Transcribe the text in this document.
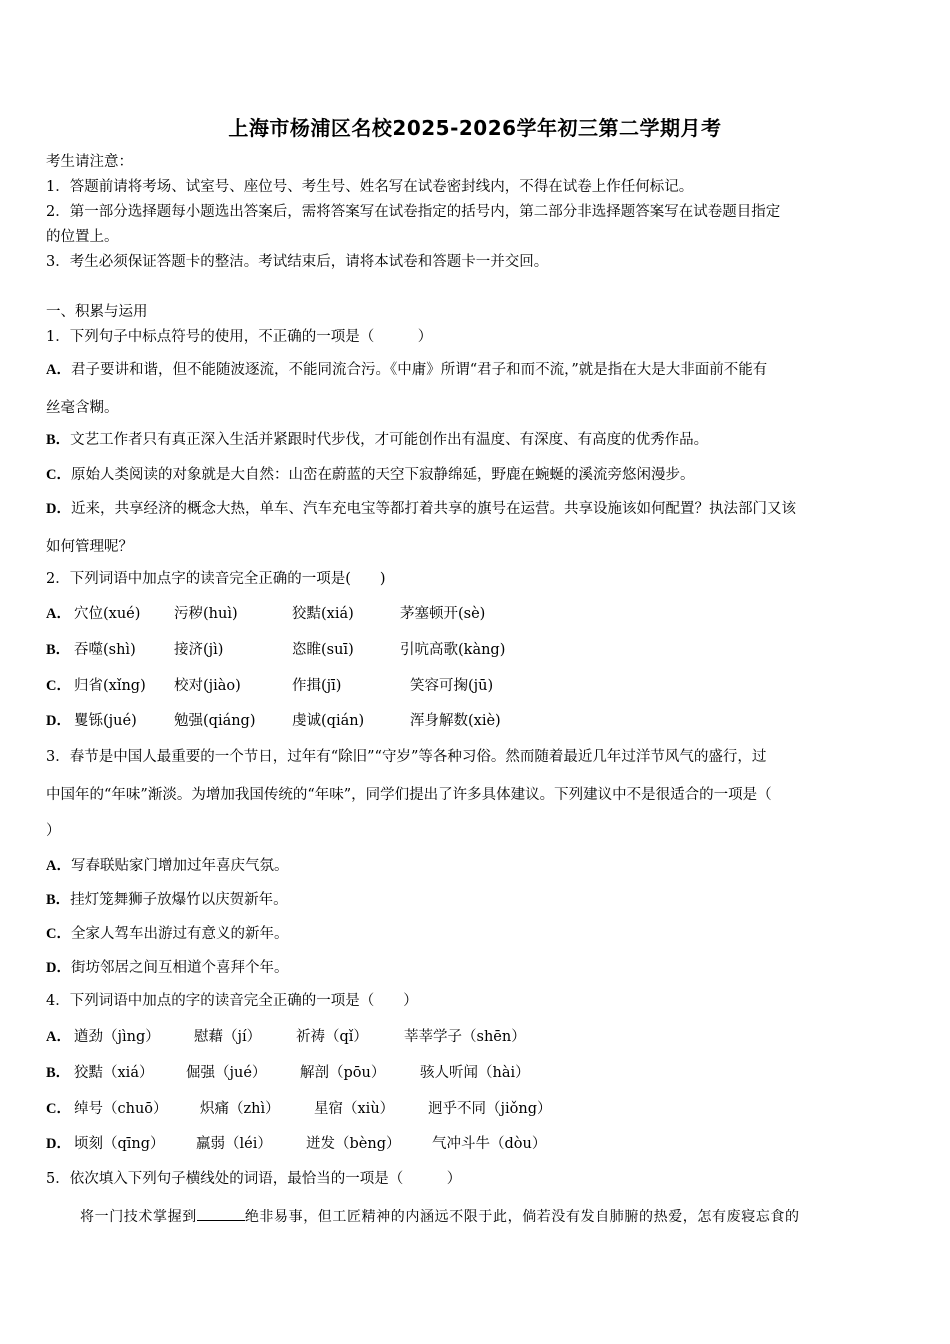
上海市杨浦区名校2025-2026学年初三第二学期月考
考生请注意：
1．答题前请将考场、试室号、座位号、考生号、姓名写在试卷密封线内，不得在试卷上作任何标记。
2．第一部分选择题每小题选出答案后，需将答案写在试卷指定的括号内，第二部分非选择题答案写在试卷题目指定
的位置上。
3．考生必须保证答题卡的整洁。考试结束后，请将本试卷和答题卡一并交回。
一、积累与运用
1．下列句子中标点符号的使用，不正确的一项是（　　　）
A．君子要讲和谐，但不能随波逐流，不能同流合污。《中庸》所谓“君子和而不流，”就是指在大是大非面前不能有
丝毫含糊。
B．文艺工作者只有真正深入生活并紧跟时代步伐，才可能创作出有温度、有深度、有高度的优秀作品。
C．原始人类阅读的对象就是大自然：山峦在蔚蓝的天空下寂静绵延，野鹿在蜿蜒的溪流旁悠闲漫步。
D．近来，共享经济的概念大热，单车、汽车充电宝等都打着共享的旗号在运营。共享设施该如何配置？执法部门又该
如何管理呢？
2．下列词语中加点字的读音完全正确的一项是(　　)
A． 穴位(xué) 污秽(huì)	狡黠(xiá)	茅塞顿开(sè)
B． 吞噬(shì)	接济(jì)	恣睢(suī)	引吭高歌(kàng)
C． 归省(xǐng) 校对(jiào)	作揖(jī)	笑容可掬(jū)
D． 矍铄(jué)	勉强(qiáng)	虔诚(qián)	浑身解数(xiè)
3．春节是中国人最重要的一个节日，过年有“除旧”“守岁”等各种习俗。然而随着最近几年过洋节风气的盛行，过
中国年的“年味”渐淡。为增加我国传统的“年味”，同学们提出了许多具体建议。下列建议中不是很适合的一项是（
）
A．写春联贴家门增加过年喜庆气氛。
B．挂灯笼舞狮子放爆竹以庆贺新年。
C．全家人驾车出游过有意义的新年。
D．街坊邻居之间互相道个喜拜个年。
4．下列词语中加点的字的读音完全正确的一项是（　　）
A． 遒劲（jìng） 慰藉（jí） 祈祷（qǐ） 莘莘学子（shēn）
B． 狡黠（xiá） 倔强（jué） 解剖（pōu） 骇人听闻（hài）
C． 绰号（chuō） 炽痛（zhì） 星宿（xiù） 迥乎不同（jiǒng）
D． 顷刻（qīng） 羸弱（léi） 迸发（bèng） 气冲斗牛（dòu）
5．依次填入下列句子横线处的词语，最恰当的一项是（　　　）
将一门技术掌握到	绝非易事，但工匠精神的内涵远不限于此，倘若没有发自肺腑的热爱，怎有废寝忘食的
